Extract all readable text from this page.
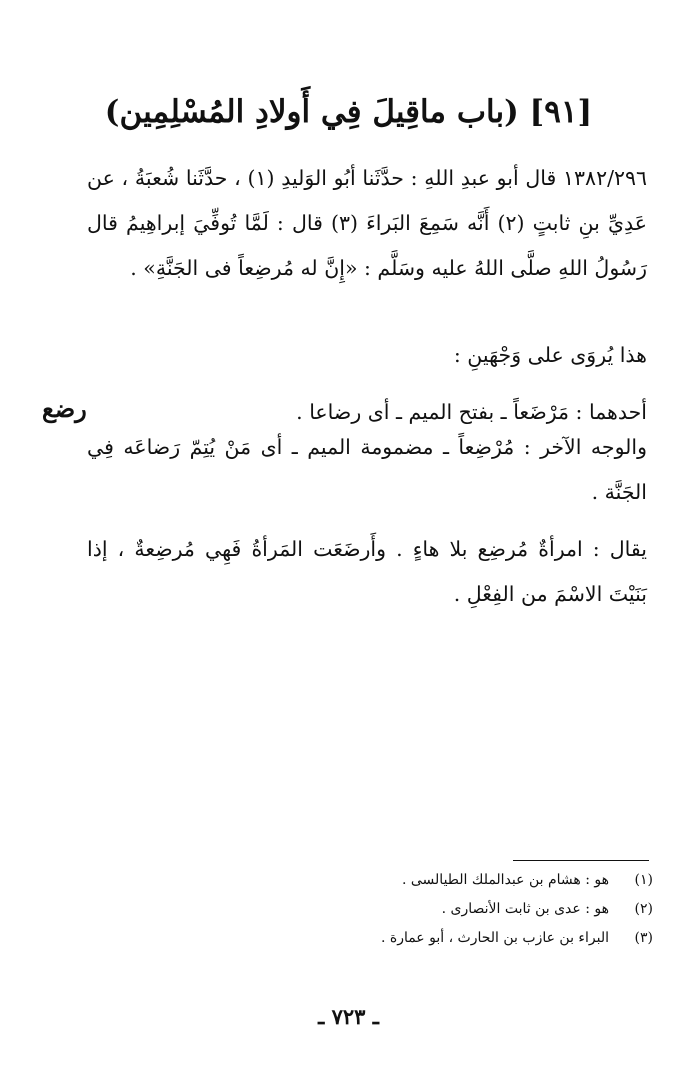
[٩١] (باب ماقِيلَ فِي أَولادِ المُسْلِمِين)
١٣٨٢/٢٩٦ قال أبو عبدِ اللهِ : حدَّثَنا أبُو الوَليدِ (١) ، حدَّثَنا شُعبَةُ ، عن عَدِيِّ بنِ ثابتٍ (٢) أَنَّه سَمِعَ البَراءَ (٣) قال : لَمَّا تُوفِّيَ إبراهِيمُ قال رَسُولُ اللهِ صلَّى اللهُ عليه وسَلَّم : «إِنَّ له مُرضِعاً فى الجَنَّةِ» .
هذا يُروَى على وَجْهَينِ :
أحدهما : مَرْضَعاً ـ بفتح الميم ـ أى رضاعا .
رضع
والوجه الآخر : مُرْضِعاً ـ مضمومة الميم ـ أى مَنْ يُتِمّ رَضاعَه فِي الجَنَّة .
يقال : امرأةٌ مُرضِع بلا هاءٍ . وأَرضَعَت المَرأةُ فَهِي مُرضِعةٌ ، إذا بَنَيْتَ الاسْمَ من الفِعْلِ .
(١)
هو : هشام بن عبدالملك الطيالسى .
(٢)
هو : عدى بن ثابت الأنصارى .
(٣)
البراء بن عازب بن الحارث ، أبو عمارة .
ـ ٧٢٣ ـ
